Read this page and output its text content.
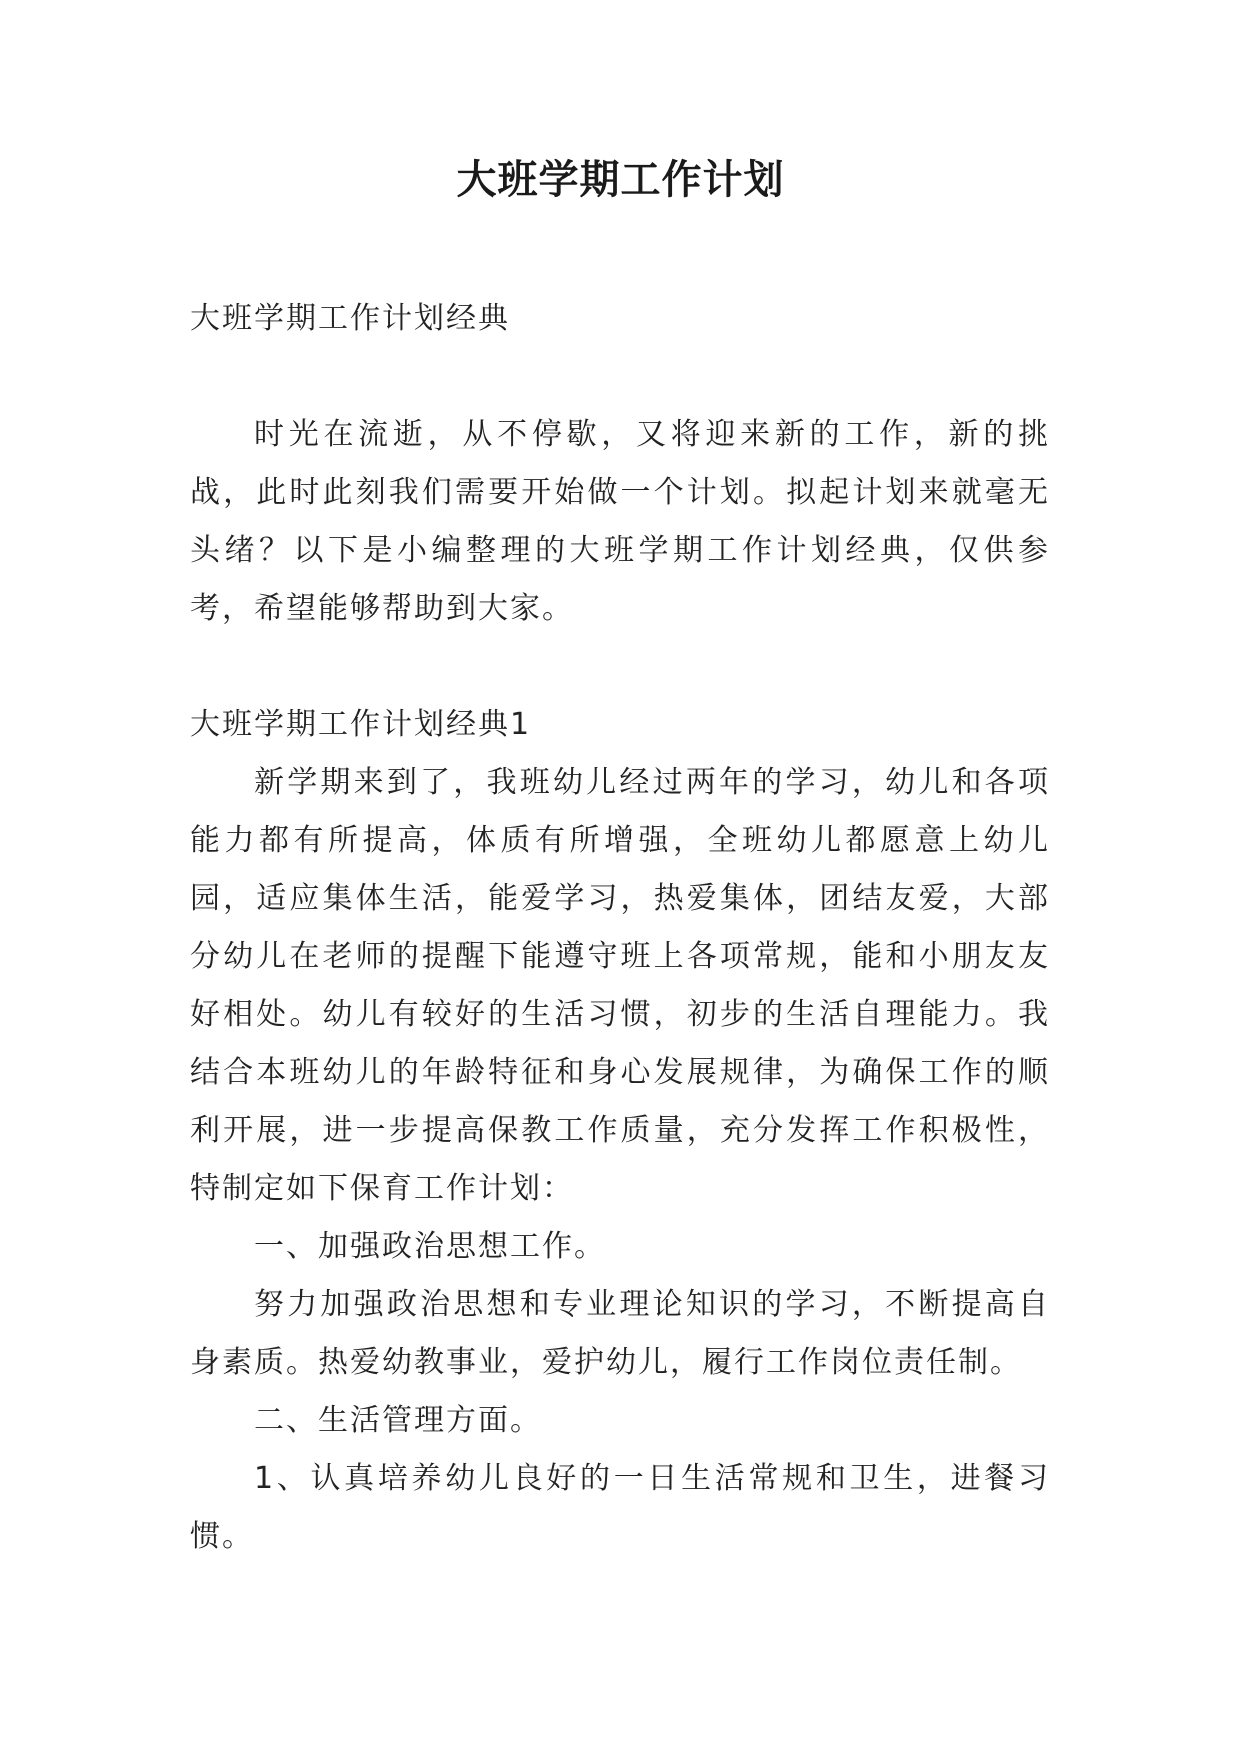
大班学期工作计划

大班学期工作计划经典

时光在流逝，从不停歇，又将迎来新的工作，新的挑战，此时此刻我们需要开始做一个计划。拟起计划来就毫无头绪？以下是小编整理的大班学期工作计划经典，仅供参考，希望能够帮助到大家。

大班学期工作计划经典1

新学期来到了，我班幼儿经过两年的学习，幼儿和各项能力都有所提高，体质有所增强，全班幼儿都愿意上幼儿园，适应集体生活，能爱学习，热爱集体，团结友爱，大部分幼儿在老师的提醒下能遵守班上各项常规，能和小朋友友好相处。幼儿有较好的生活习惯，初步的生活自理能力。我结合本班幼儿的年龄特征和身心发展规律，为确保工作的顺利开展，进一步提高保教工作质量，充分发挥工作积极性，特制定如下保育工作计划：

一、加强政治思想工作。

努力加强政治思想和专业理论知识的学习，不断提高自身素质。热爱幼教事业，爱护幼儿，履行工作岗位责任制。

二、生活管理方面。

1、认真培养幼儿良好的一日生活常规和卫生，进餐习惯。
